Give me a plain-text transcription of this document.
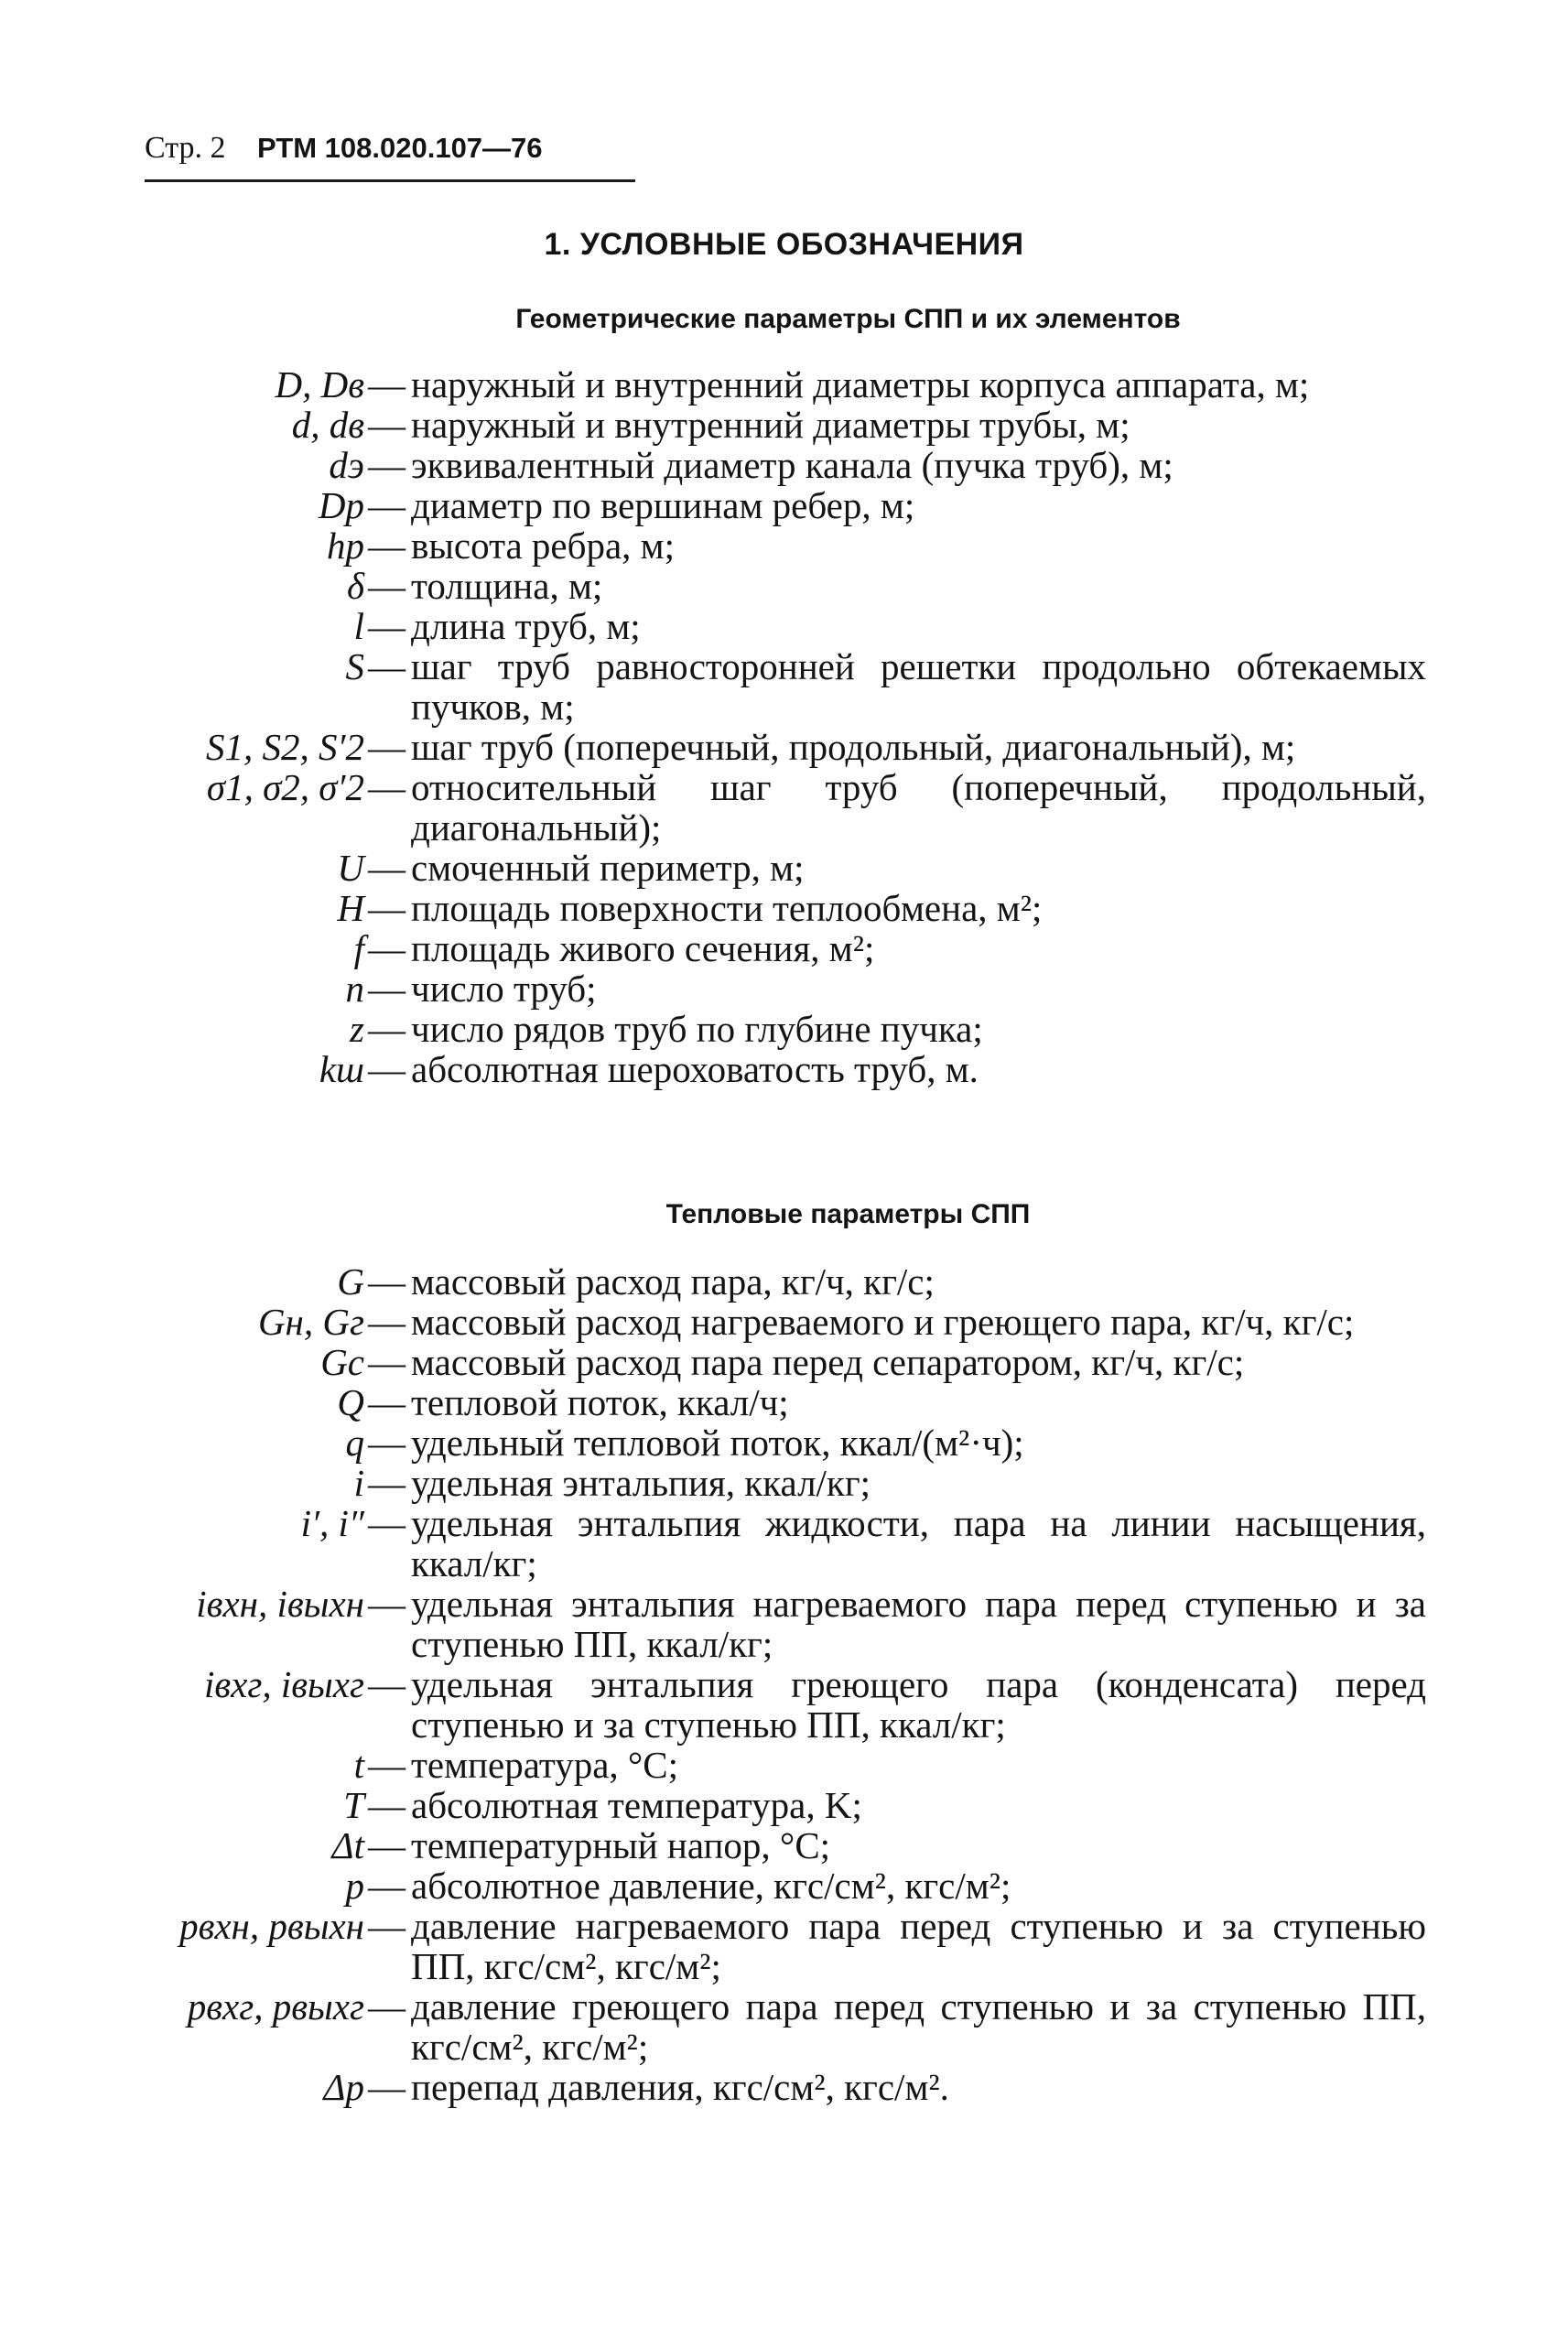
Стр. 2 РТМ 108.020.107—76
1. УСЛОВНЫЕ ОБОЗНАЧЕНИЯ
Геометрические параметры СПП и их элементов
D, Dв — наружный и внутренний диаметры корпуса аппарата, м;
d, dв — наружный и внутренний диаметры трубы, м;
dэ — эквивалентный диаметр канала (пучка труб), м;
Dр — диаметр по вершинам ребер, м;
hр — высота ребра, м;
δ — толщина, м;
l — длина труб, м;
S — шаг труб равносторонней решетки продольно обтекаемых пучков, м;
S1, S2, S′2 — шаг труб (поперечный, продольный, диагональный), м;
σ1, σ2, σ′2 — относительный шаг труб (поперечный, продольный, диагональный);
U — смоченный периметр, м;
H — площадь поверхности теплообмена, м²;
f — площадь живого сечения, м²;
n — число труб;
z — число рядов труб по глубине пучка;
kш — абсолютная шероховатость труб, м.
Тепловые параметры СПП
G — массовый расход пара, кг/ч, кг/с;
Gн, Gг — массовый расход нагреваемого и греющего пара, кг/ч, кг/с;
Gс — массовый расход пара перед сепаратором, кг/ч, кг/с;
Q — тепловой поток, ккал/ч;
q — удельный тепловой поток, ккал/(м²·ч);
i — удельная энтальпия, ккал/кг;
i′, i″ — удельная энтальпия жидкости, пара на линии насыщения, ккал/кг;
iвхн, iвыхн — удельная энтальпия нагреваемого пара перед ступенью и за ступенью ПП, ккал/кг;
iвхг, iвыхг — удельная энтальпия греющего пара (конденсата) перед ступенью и за ступенью ПП, ккал/кг;
t — температура, °C;
T — абсолютная температура, K;
Δt — температурный напор, °C;
p — абсолютное давление, кгс/см², кгс/м²;
pвхн, pвыхн — давление нагреваемого пара перед ступенью и за ступенью ПП, кгс/см², кгс/м²;
pвхг, pвыхг — давление греющего пара перед ступенью и за ступенью ПП, кгс/см², кгс/м²;
Δp — перепад давления, кгс/см², кгс/м².
